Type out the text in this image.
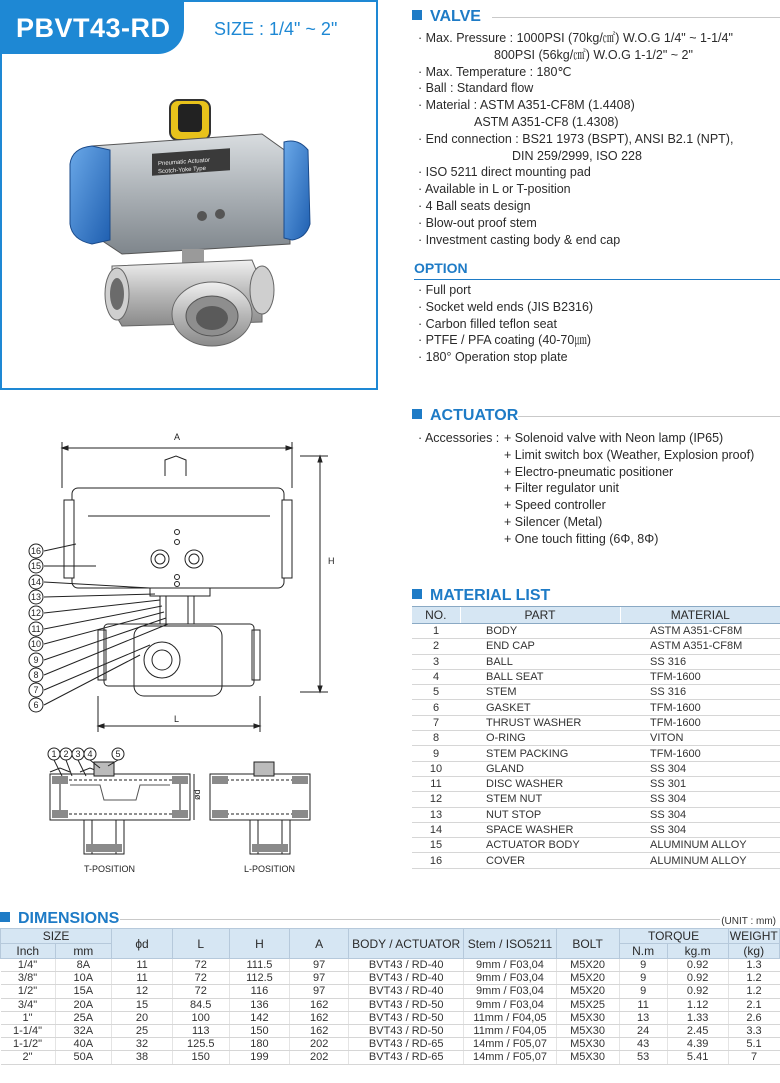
PBVT43-RD	SIZE : 1/4" ~ 2"
Pneumatic Actuator
Scotch-Yoke Type
VALVE
· Max. Pressure : 1000PSI (70kg/㎠) W.O.G 1/4" ~ 1-1/4"
800PSI (56kg/㎠) W.O.G 1-1/2" ~ 2"
· Max. Temperature : 180℃
· Ball : Standard flow
· Material : ASTM A351-CF8M (1.4408)
ASTM A351-CF8 (1.4308)
· End connection : BS21 1973 (BSPT), ANSI B2.1 (NPT),
DIN 259/2999, ISO 228
· ISO 5211 direct mounting pad
· Available in L or T-position
· 4 Ball seats design
· Blow-out proof stem
· Investment casting body & end cap
OPTION
· Full port
· Socket weld ends (JIS B2316)
· Carbon filled teflon seat
· PTFE / PFA coating (40-70㎛)
· 180° Operation stop plate
ACTUATOR
· Accessories : + Solenoid valve with Neon lamp (IP65)
+ Limit switch box (Weather, Explosion proof)
+ Electro-pneumatic positioner
+ Filter regulator unit
+ Speed controller
+ Silencer (Metal)
+ One touch fitting (6Φ, 8Φ)
MATERIAL LIST
NO.	PART	MATERIAL
1	BODY	ASTM A351-CF8M
2	END CAP	ASTM A351-CF8M
3	BALL	SS 316
4	BALL SEAT	TFM-1600
5	STEM	SS 316
6	GASKET	TFM-1600
7	THRUST WASHER	TFM-1600
8	O-RING	VITON
9	STEM PACKING	TFM-1600
10	GLAND	SS 304
11	DISC WASHER	SS 301
12	STEM NUT	SS 304
13	NUT STOP	SS 304
14	SPACE WASHER	SS 304
15	ACTUATOR BODY	ALUMINUM ALLOY
16	COVER	ALUMINUM ALLOY
A
H
L
16
15
14
13
12
11
10
9
8
7
6
1 2 3 4	5
ød
T-POSITION	L-POSITION
DIMENSIONS	(UNIT : mm)
SIZE		ϕd	L	H	A	BODY / ACTUATOR	Stem / ISO5211	BOLT	TORQUE		WEIGHT
Inch	mm								N.m	kg.m	(kg)
1/4"	8A	11	72	111.5	97	BVT43 / RD-40	9mm / F03,04	M5X20	9	0.92	1.3
3/8"	10A	11	72	112.5	97	BVT43 / RD-40	9mm / F03,04	M5X20	9	0.92	1.2
1/2"	15A	12	72	116	97	BVT43 / RD-40	9mm / F03,04	M5X20	9	0.92	1.2
3/4"	20A	15	84.5	136	162	BVT43 / RD-50	9mm / F03,04	M5X25	11	1.12	2.1
1"	25A	20	100	142	162	BVT43 / RD-50	11mm / F04,05	M5X30	13	1.33	2.6
1-1/4"	32A	25	113	150	162	BVT43 / RD-50	11mm / F04,05	M5X30	24	2.45	3.3
1-1/2"	40A	32	125.5	180	202	BVT43 / RD-65	14mm / F05,07	M5X30	43	4.39	5.1
2"	50A	38	150	199	202	BVT43 / RD-65	14mm / F05,07	M5X30	53	5.41	7
